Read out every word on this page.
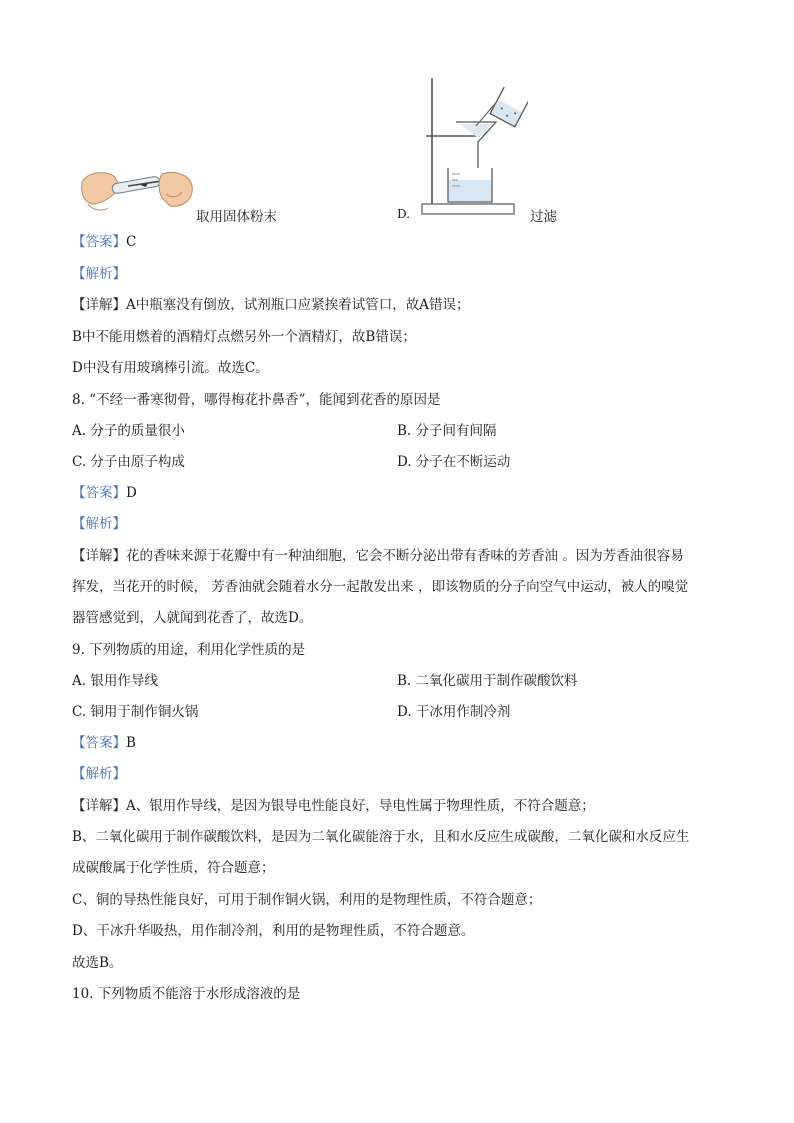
取用固体粉末	D.	过滤
【答案】C
【解析】
【详解】A中瓶塞没有倒放，试剂瓶口应紧挨着试管口，故A错误；
B中不能用燃着的酒精灯点燃另外一个酒精灯，故B错误；
D中没有用玻璃棒引流。故选C。
8. “不经一番寒彻骨，哪得梅花扑鼻香”，能闻到花香的原因是
A. 分子的质量很小	B. 分子间有间隔
C. 分子由原子构成	D. 分子在不断运动
【答案】D
【解析】
【详解】花的香味来源于花瓣中有一种油细胞，它会不断分泌出带有香味的芳香油 。因为芳香油很容易
挥发，当花开的时候， 芳香油就会随着水分一起散发出来 ，即该物质的分子向空气中运动，被人的嗅觉
器管感觉到，人就闻到花香了，故选D。
9. 下列物质的用途，利用化学性质的是
A. 银用作导线	B. 二氧化碳用于制作碳酸饮料
C. 铜用于制作铜火锅	D. 干冰用作制冷剂
【答案】B
【解析】
【详解】A、银用作导线，是因为银导电性能良好，导电性属于物理性质，不符合题意；
B、二氧化碳用于制作碳酸饮料，是因为二氧化碳能溶于水，且和水反应生成碳酸，二氧化碳和水反应生
成碳酸属于化学性质，符合题意；
C、铜的导热性能良好，可用于制作铜火锅，利用的是物理性质，不符合题意；
D、干冰升华吸热，用作制冷剂，利用的是物理性质，不符合题意。
故选B。
10. 下列物质不能溶于水形成溶液的是
